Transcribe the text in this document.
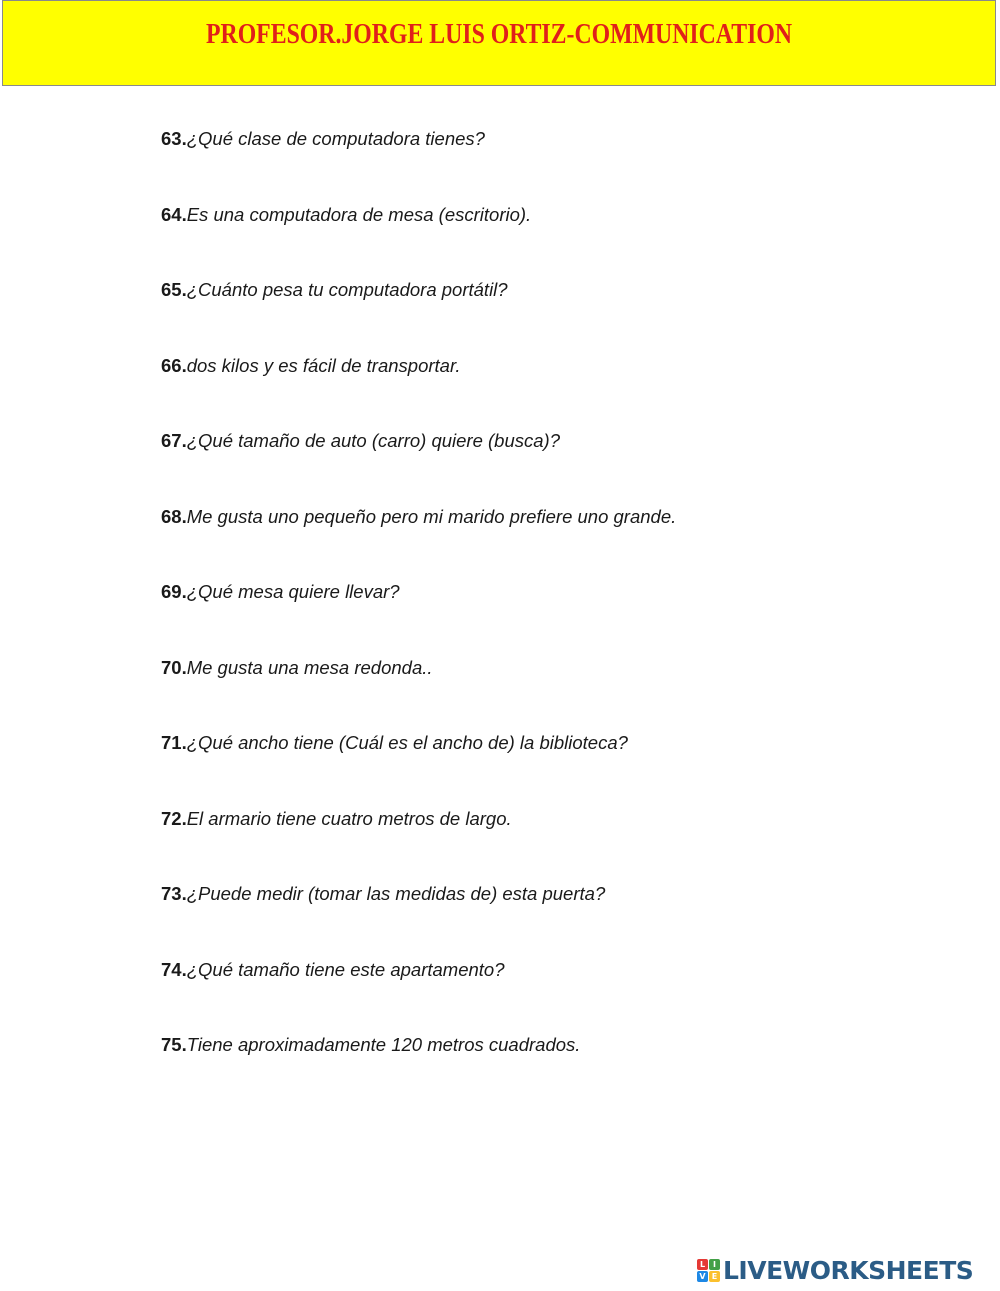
PROFESOR.JORGE LUIS ORTIZ-COMMUNICATION
63.¿Qué clase de computadora tienes?
64.Es una computadora de mesa (escritorio).
65.¿Cuánto pesa tu computadora portátil?
66.dos kilos y es fácil de transportar.
67.¿Qué tamaño de auto (carro) quiere (busca)?
68.Me gusta uno pequeño pero mi marido prefiere uno grande.
69.¿Qué mesa quiere llevar?
70.Me gusta una mesa redonda..
71.¿Qué ancho tiene (Cuál es el ancho de) la biblioteca?
72.El armario tiene cuatro metros de largo.
73.¿Puede medir (tomar las medidas de) esta puerta?
74.¿Qué tamaño tiene este apartamento?
75.Tiene aproximadamente 120 metros cuadrados.
L I
V E LIVEWORKSHEETS
